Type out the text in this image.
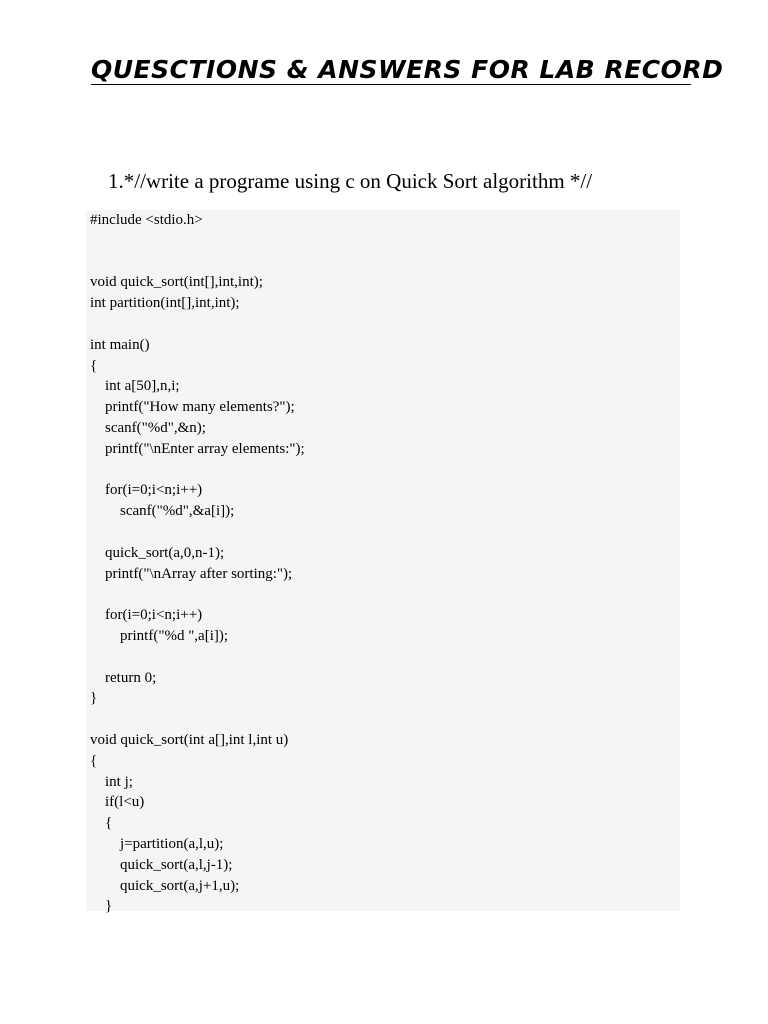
QUESCTIONS & ANSWERS FOR LAB RECORD
1.*//write a programe using c on Quick Sort algorithm *//
#include <stdio.h>
void quick_sort(int[],int,int);
int partition(int[],int,int);
int main()
{
int a[50],n,i;
printf("How many elements?");
scanf("%d",&n);
printf("\nEnter array elements:");
for(i=0;i<n;i++)
scanf("%d",&a[i]);
quick_sort(a,0,n-1);
printf("\nArray after sorting:");
for(i=0;i<n;i++)
printf("%d ",a[i]);
return 0;
}
void quick_sort(int a[],int l,int u)
{
int j;
if(l<u)
{
j=partition(a,l,u);
quick_sort(a,l,j-1);
quick_sort(a,j+1,u);
}
